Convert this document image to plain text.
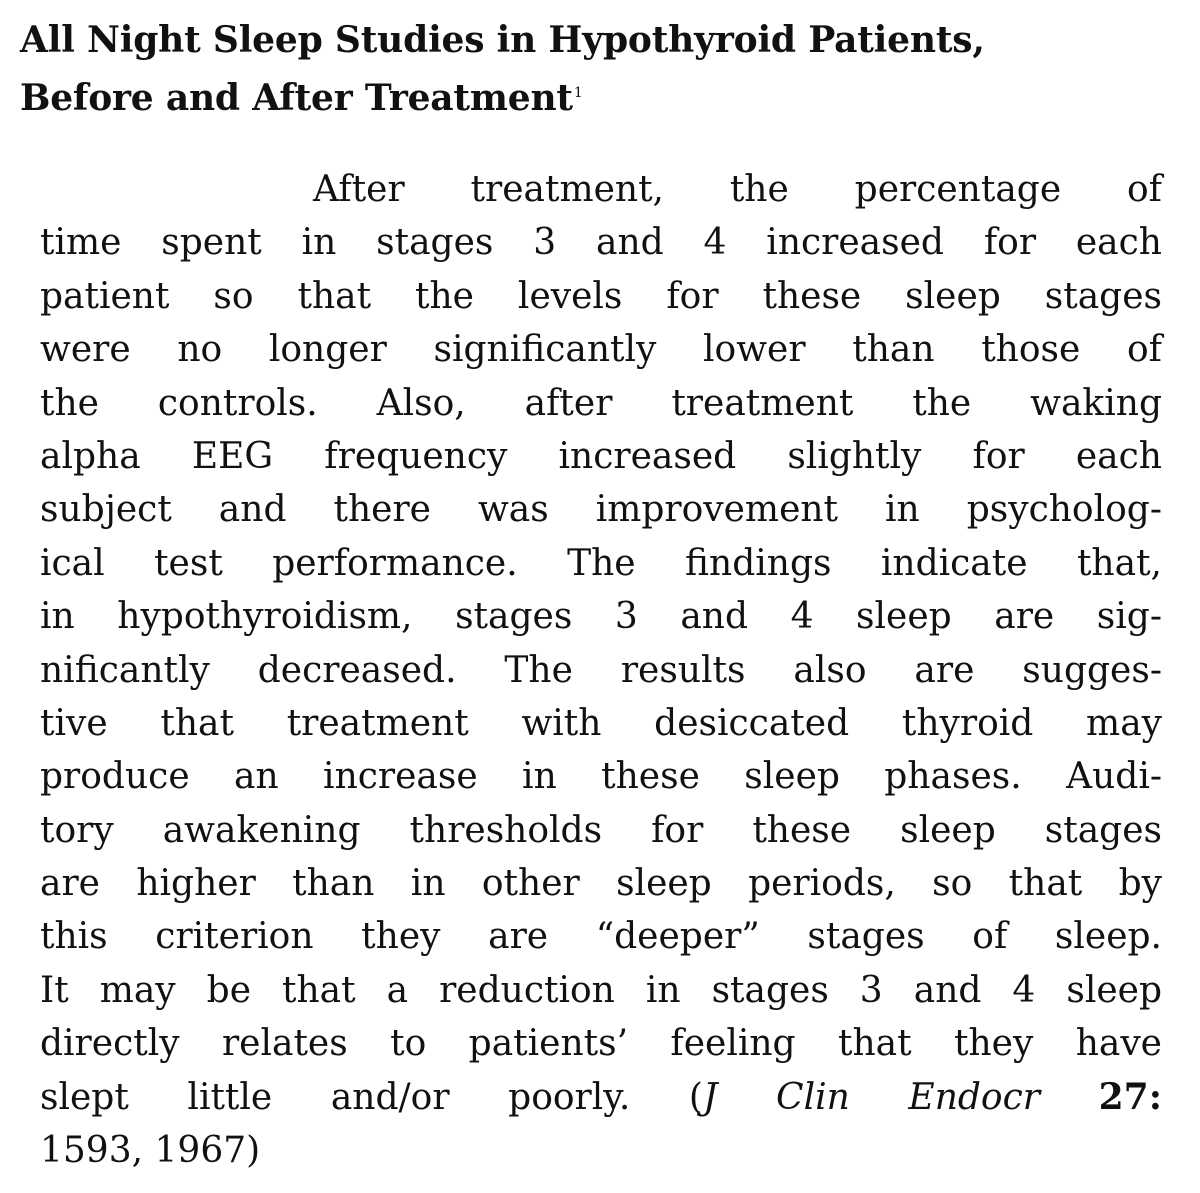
All Night Sleep Studies in Hypothyroid Patients,
Before and After Treatment$^1$
After treatment, the percentage of
time spent in stages 3 and 4 increased for each
patient so that the levels for these sleep stages
were no longer significantly lower than those of
the controls. Also, after treatment the waking
alpha EEG frequency increased slightly for each
subject and there was improvement in psycholog-
ical test performance. The findings indicate that,
in hypothyroidism, stages 3 and 4 sleep are sig-
nificantly decreased. The results also are sugges-
tive that treatment with desiccated thyroid may
produce an increase in these sleep phases. Audi-
tory awakening thresholds for these sleep stages
are higher than in other sleep periods, so that by
this criterion they are “deeper” stages of sleep.
It may be that a reduction in stages 3 and 4 sleep
directly relates to patients’ feeling that they have
slept little and/or poorly. (J Clin Endocr 27:
1593, 1967)
